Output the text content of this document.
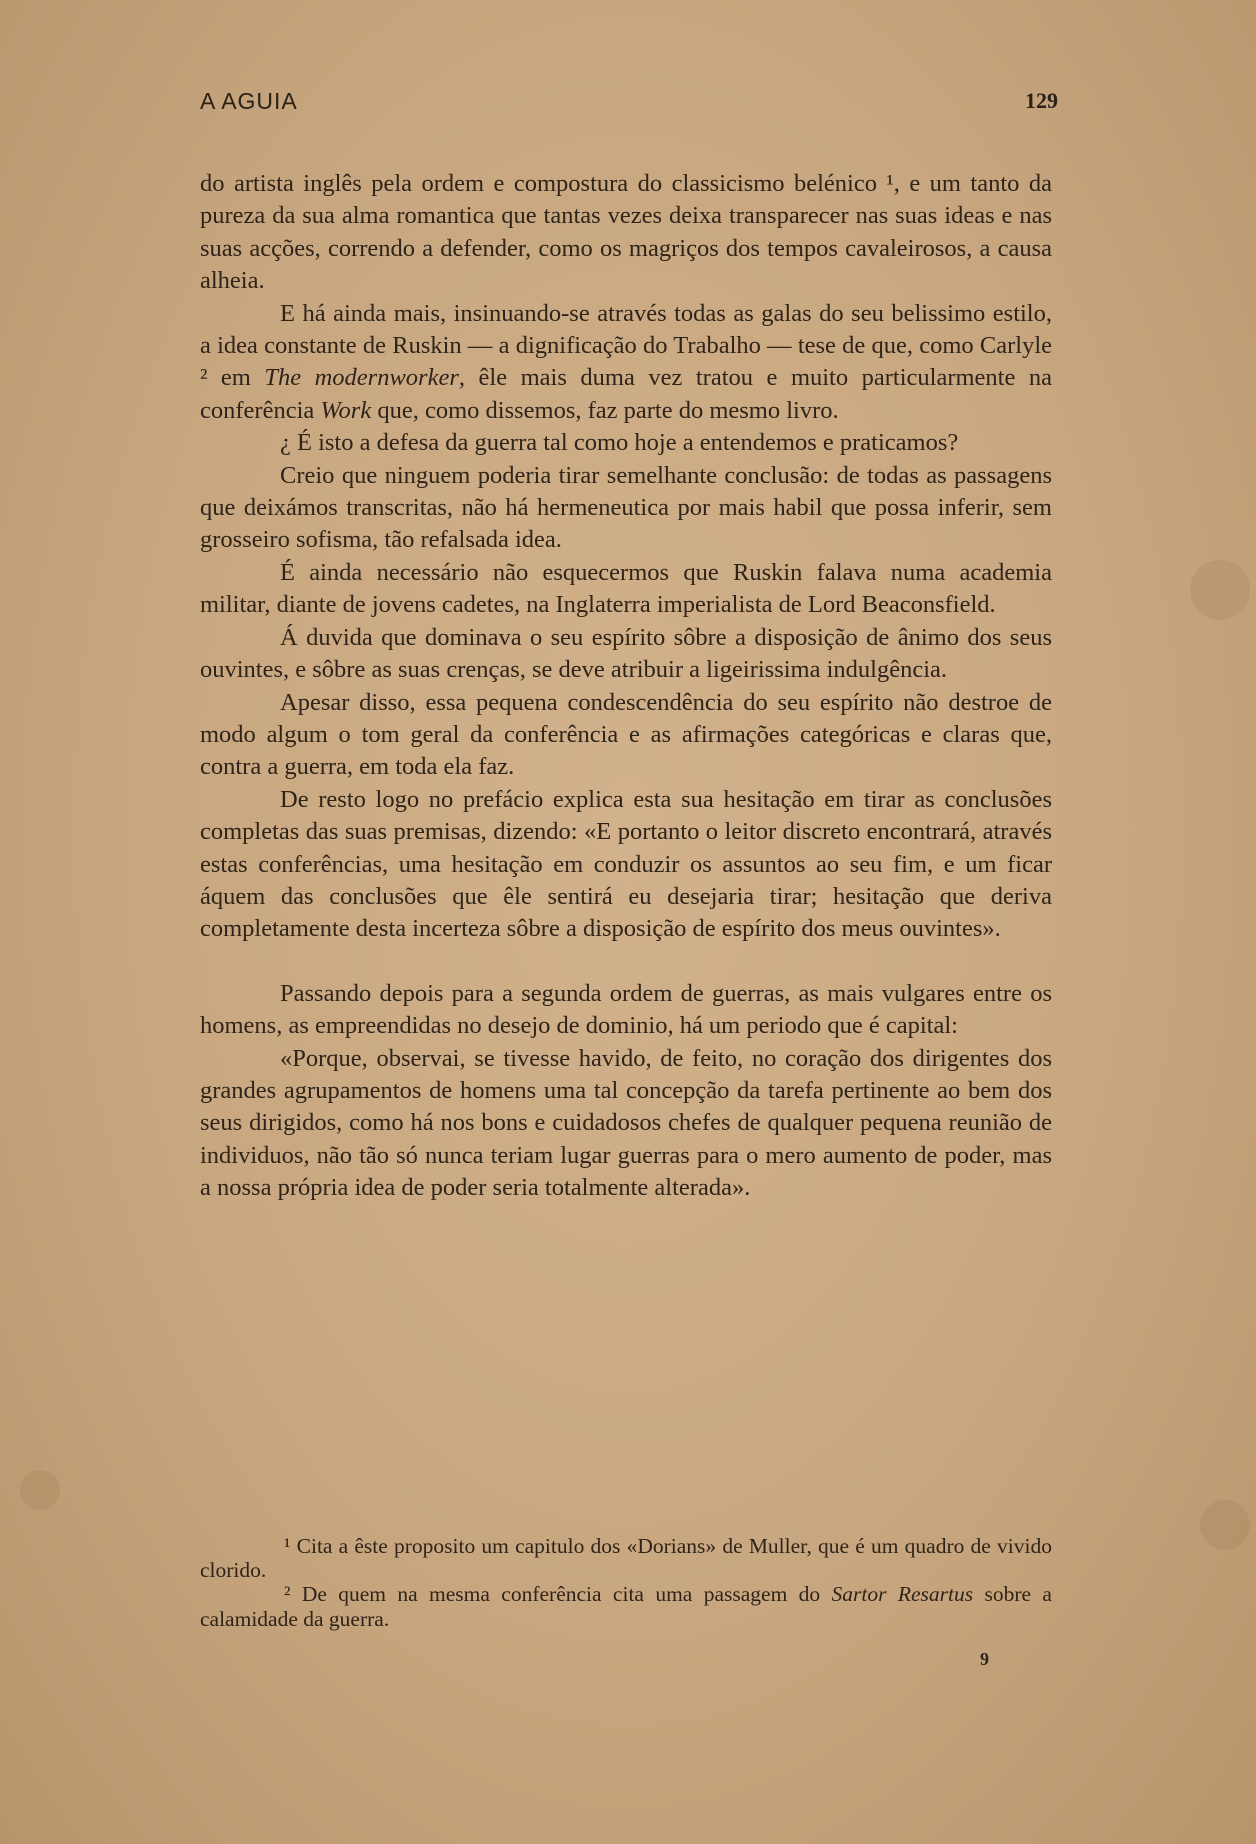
A AGUIA	129

do artista inglês pela ordem e compostura do classicismo belénico ¹, e um tanto da pureza da sua alma romantica que tantas vezes deixa transparecer nas suas ideas e nas suas acções, correndo a defender, como os magriços dos tempos cavaleirosos, a causa alheia.

E há ainda mais, insinuando-se através todas as galas do seu belissimo estilo, a idea constante de Ruskin — a dignificação do Trabalho — tese de que, como Carlyle ² em The modernworker, êle mais duma vez tratou e muito particularmente na conferência Work que, como dissemos, faz parte do mesmo livro.

¿ É isto a defesa da guerra tal como hoje a entendemos e praticamos?

Creio que ninguem poderia tirar semelhante conclusão: de todas as passagens que deixámos transcritas, não há hermeneutica por mais habil que possa inferir, sem grosseiro sofisma, tão refalsada idea.

É ainda necessário não esquecermos que Ruskin falava numa academia militar, diante de jovens cadetes, na Inglaterra imperialista de Lord Beaconsfield.

Á duvida que dominava o seu espírito sôbre a disposição de ânimo dos seus ouvintes, e sôbre as suas crenças, se deve atribuir a ligeirissima indulgência.

Apesar disso, essa pequena condescendência do seu espírito não destroe de modo algum o tom geral da conferência e as afirmações categóricas e claras que, contra a guerra, em toda ela faz.

De resto logo no prefácio explica esta sua hesitação em tirar as conclusões completas das suas premisas, dizendo: «E portanto o leitor discreto encontrará, através estas conferências, uma hesitação em conduzir os assuntos ao seu fim, e um ficar áquem das conclusões que êle sentirá eu desejaria tirar; hesitação que deriva completamente desta incerteza sôbre a disposição de espírito dos meus ouvintes».

Passando depois para a segunda ordem de guerras, as mais vulgares entre os homens, as empreendidas no desejo de dominio, há um periodo que é capital:

«Porque, observai, se tivesse havido, de feito, no coração dos dirigentes dos grandes agrupamentos de homens uma tal concepção da tarefa pertinente ao bem dos seus dirigidos, como há nos bons e cuidadosos chefes de qualquer pequena reunião de individuos, não tão só nunca teriam lugar guerras para o mero aumento de poder, mas a nossa própria idea de poder seria totalmente alterada».

¹ Cita a êste proposito um capitulo dos «Dorians» de Muller, que é um quadro de vivido clorido.

² De quem na mesma conferência cita uma passagem do Sartor Resartus sobre a calamidade da guerra.

9
